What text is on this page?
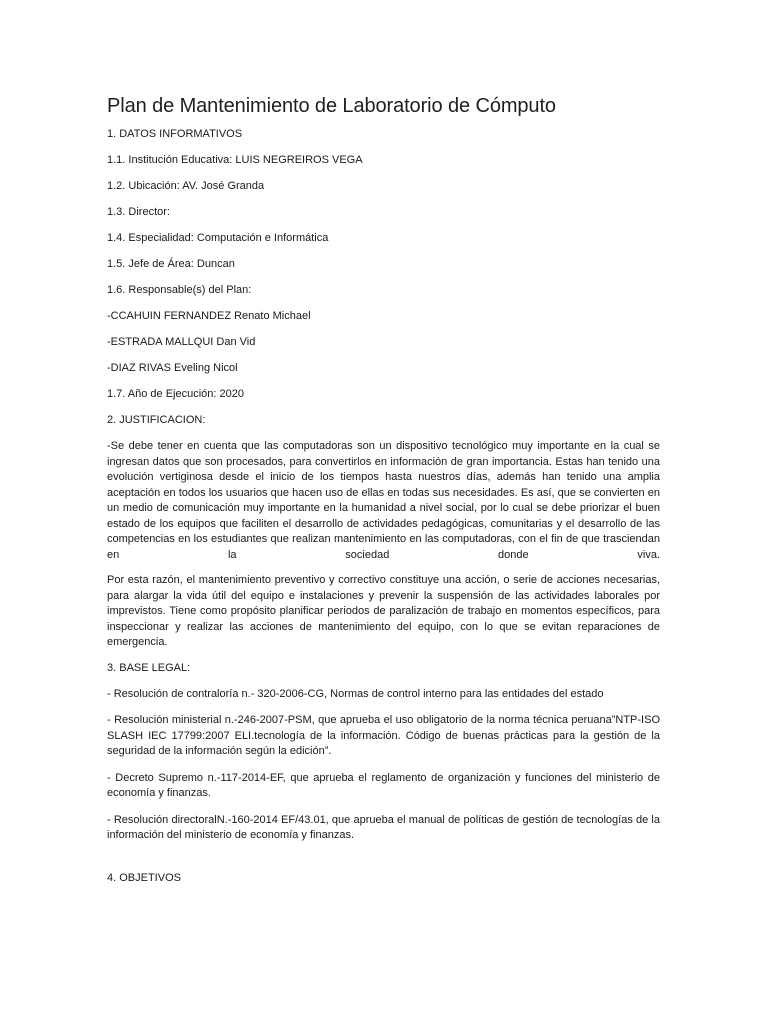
Plan de Mantenimiento de Laboratorio de Cómputo

1. DATOS INFORMATIVOS

1.1. Institución Educativa: LUIS NEGREIROS VEGA

1.2. Ubicación: AV. José Granda

1.3. Director:

1.4. Especialidad: Computación e Informática

1.5. Jefe de Área: Duncan

1.6. Responsable(s) del Plan:

-CCAHUIN FERNANDEZ Renato Michael

-ESTRADA MALLQUI Dan Vid

-DIAZ RIVAS Eveling Nicol

1.7. Año de Ejecución: 2020

2. JUSTIFICACION:

-Se debe tener en cuenta que las computadoras son un dispositivo tecnológico muy importante en la cual se ingresan datos que son procesados, para convertirlos en información de gran importancia. Estas han tenido una evolución vertiginosa desde el inicio de los tiempos hasta nuestros días, además han tenido una amplia aceptación en todos los usuarios que hacen uso de ellas en todas sus necesidades. Es así, que se convierten en un medio de comunicación muy importante en la humanidad a nivel social, por lo cual se debe priorizar el buen estado de los equipos que faciliten el desarrollo de actividades pedagógicas, comunitarias y el desarrollo de las competencias en los estudiantes que realizan mantenimiento en las computadoras, con el fin de que trasciendan en la sociedad donde viva.

Por esta razón, el mantenimiento preventivo y correctivo constituye una acción, o serie de acciones necesarias, para alargar la vida útil del equipo e instalaciones y prevenir la suspensión de las actividades laborales por imprevistos. Tiene como propósito planificar periodos de paralización de trabajo en momentos específicos, para inspeccionar y realizar las acciones de mantenimiento del equipo, con lo que se evitan reparaciones de emergencia.

3. BASE LEGAL:

- Resolución de contraloría n.- 320-2006-CG, Normas de control interno para las entidades del estado

- Resolución ministerial n.-246-2007-PSM, que aprueba el uso obligatorio de la norma técnica peruana”NTP-ISO SLASH IEC 17799:2007 ELI.tecnología de la información. Código de buenas prácticas para la gestión de la seguridad de la información según la edición”.

- Decreto Supremo n.-117-2014-EF, que aprueba el reglamento de organización y funciones del ministerio de economía y finanzas.

- Resolución directoralN.-160-2014 EF/43.01, que aprueba el manual de políticas de gestión de tecnologías de la información del ministerio de economía y finanzas.

4. OBJETIVOS
